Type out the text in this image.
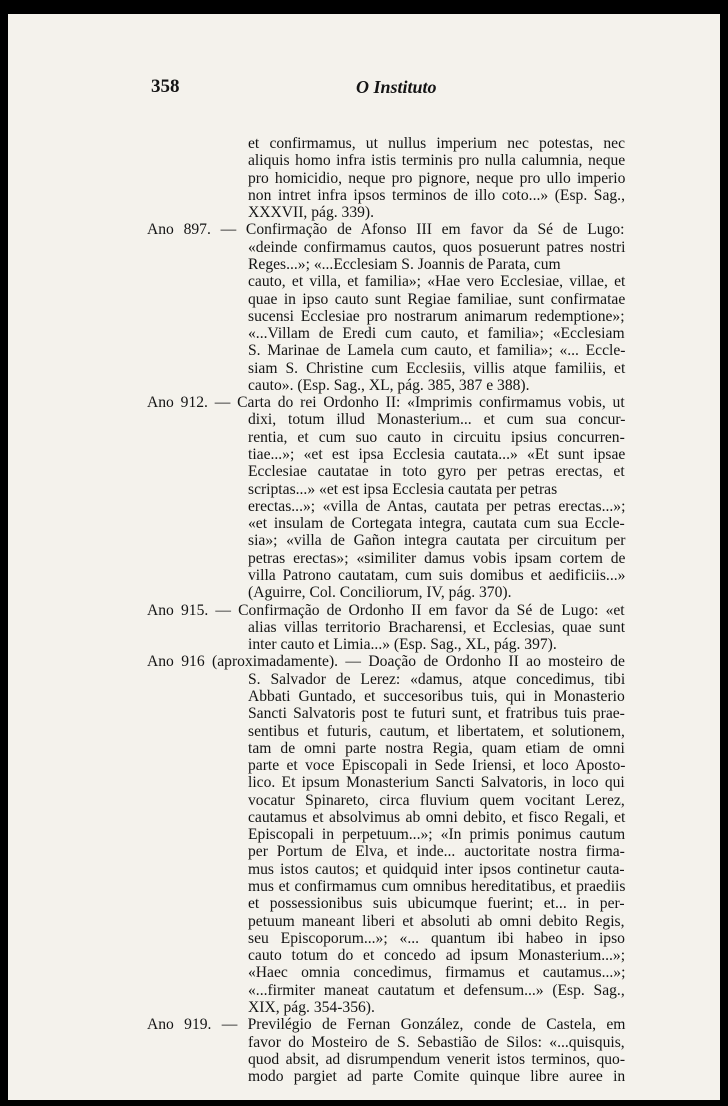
358	O Instituto
et confirmamus, ut nullus imperium nec potestas, nec
aliquis homo infra istis terminis pro nulla calumnia, neque
pro homicidio, neque pro pignore, neque pro ullo imperio
non intret infra ipsos terminos de illo coto...» (Esp. Sag.,
XXXVII, pág. 339).
Ano 897. — Confirmação de Afonso III em favor da Sé de Lugo:
«deinde confirmamus cautos, quos posuerunt patres nostri
Reges...»; «...Ecclesiam S. Joannis de Parata, cum
cauto, et villa, et familia»; «Hae vero Ecclesiae, villae, et
quae in ipso cauto sunt Regiae familiae, sunt confirmatae
sucensi Ecclesiae pro nostrarum animarum redemptione»;
«...Villam de Eredi cum cauto, et familia»; «Ecclesiam
S. Marinae de Lamela cum cauto, et familia»; «... Eccle-
siam S. Christine cum Ecclesiis, villis atque familiis, et
cauto». (Esp. Sag., XL, pág. 385, 387 e 388).
Ano 912. — Carta do rei Ordonho II: «Imprimis confirmamus vobis, ut
dixi, totum illud Monasterium... et cum sua concur-
rentia, et cum suo cauto in circuitu ipsius concurren-
tiae...»; «et est ipsa Ecclesia cautata...» «Et sunt ipsae
Ecclesiae cautatae in toto gyro per petras erectas, et
scriptas...» «et est ipsa Ecclesia cautata per petras
erectas...»; «villa de Antas, cautata per petras erectas...»;
«et insulam de Cortegata integra, cautata cum sua Eccle-
sia»; «villa de Gañon integra cautata per circuitum per
petras erectas»; «similiter damus vobis ipsam cortem de
villa Patrono cautatam, cum suis domibus et aedificiis...»
(Aguirre, Col. Conciliorum, IV, pág. 370).
Ano 915. — Confirmação de Ordonho II em favor da Sé de Lugo: «et
alias villas territorio Bracharensi, et Ecclesias, quae sunt
inter cauto et Limia...» (Esp. Sag., XL, pág. 397).
Ano 916 (aproximadamente). — Doação de Ordonho II ao mosteiro de
S. Salvador de Lerez: «damus, atque concedimus, tibi
Abbati Guntado, et succesoribus tuis, qui in Monasterio
Sancti Salvatoris post te futuri sunt, et fratribus tuis prae-
sentibus et futuris, cautum, et libertatem, et solutionem,
tam de omni parte nostra Regia, quam etiam de omni
parte et voce Episcopali in Sede Iriensi, et loco Aposto-
lico. Et ipsum Monasterium Sancti Salvatoris, in loco qui
vocatur Spinareto, circa fluvium quem vocitant Lerez,
cautamus et absolvimus ab omni debito, et fisco Regali, et
Episcopali in perpetuum...»; «In primis ponimus cautum
per Portum de Elva, et inde... auctoritate nostra firma-
mus istos cautos; et quidquid inter ipsos continetur cauta-
mus et confirmamus cum omnibus hereditatibus, et praediis
et possessionibus suis ubicumque fuerint; et... in per-
petuum maneant liberi et absoluti ab omni debito Regis,
seu Episcoporum...»; «... quantum ibi habeo in ipso
cauto totum do et concedo ad ipsum Monasterium...»;
«Haec omnia concedimus, firmamus et cautamus...»;
«...firmiter maneat cautatum et defensum...» (Esp. Sag.,
XIX, pág. 354-356).
Ano 919. — Previlégio de Fernan González, conde de Castela, em
favor do Mosteiro de S. Sebastião de Silos: «...quisquis,
quod absit, ad disrumpendum venerit istos terminos, quo-
modo pargiet ad parte Comite quinque libre auree in
